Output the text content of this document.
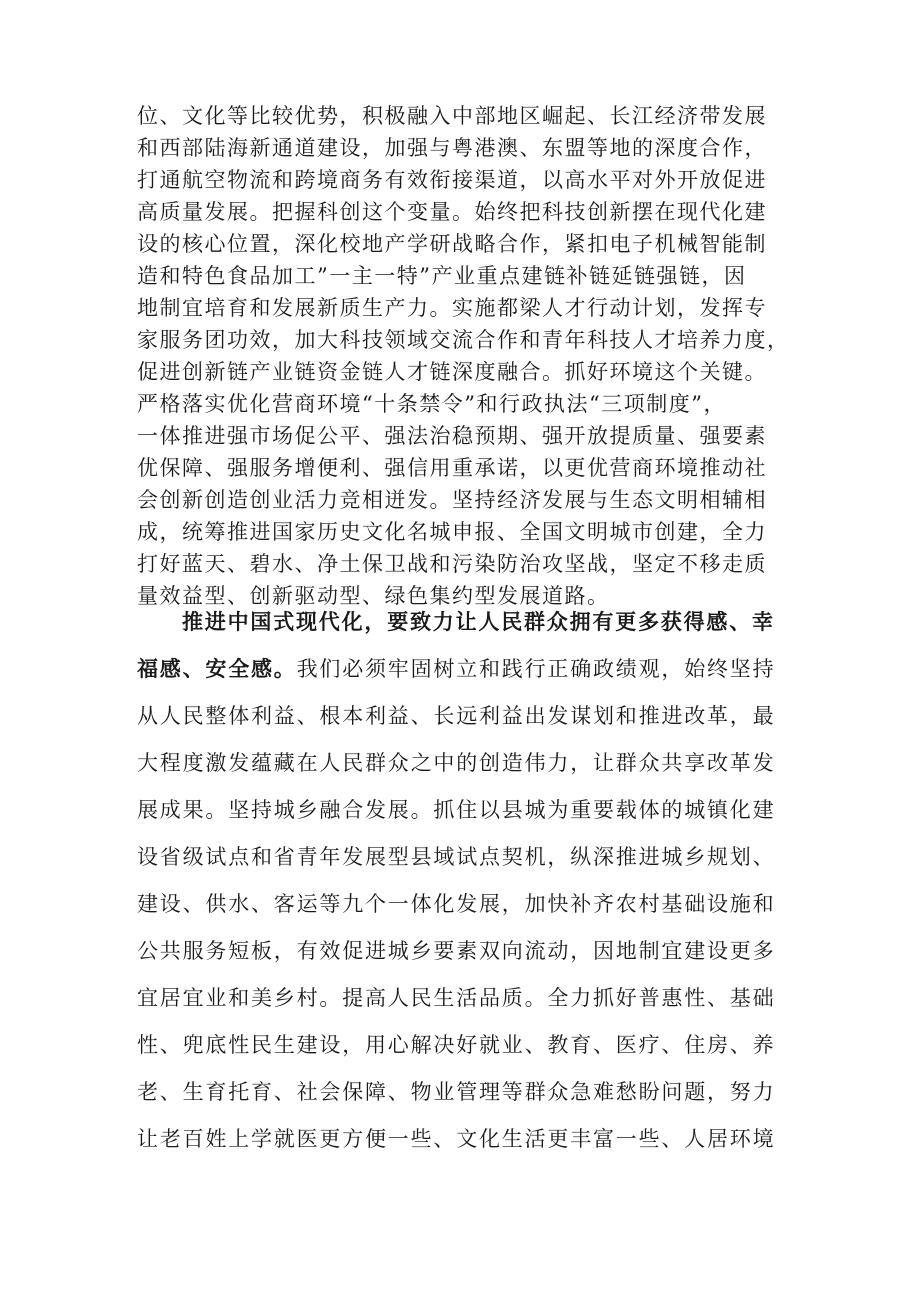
位、文化等比较优势，积极融入中部地区崛起、长江经济带发展
和西部陆海新通道建设，加强与粤港澳、东盟等地的深度合作，
打通航空物流和跨境商务有效衔接渠道，以高水平对外开放促进
高质量发展。把握科创这个变量。始终把科技创新摆在现代化建
设的核心位置，深化校地产学研战略合作，紧扣电子机械智能制
造和特色食品加工”一主一特”产业重点建链补链延链强链，因
地制宜培育和发展新质生产力。实施都梁人才行动计划，发挥专
家服务团功效，加大科技领域交流合作和青年科技人才培养力度，
促进创新链产业链资金链人才链深度融合。抓好环境这个关键。
严格落实优化营商环境“十条禁令”和行政执法“三项制度”，
一体推进强市场促公平、强法治稳预期、强开放提质量、强要素
优保障、强服务增便利、强信用重承诺，以更优营商环境推动社
会创新创造创业活力竞相迸发。坚持经济发展与生态文明相辅相
成，统筹推进国家历史文化名城申报、全国文明城市创建，全力
打好蓝天、碧水、净土保卫战和污染防治攻坚战，坚定不移走质
量效益型、创新驱动型、绿色集约型发展道路。
推进中国式现代化，要致力让人民群众拥有更多获得感、幸
福感、安全感。我们必须牢固树立和践行正确政绩观，始终坚持
从人民整体利益、根本利益、长远利益出发谋划和推进改革，最
大程度激发蕴藏在人民群众之中的创造伟力，让群众共享改革发
展成果。坚持城乡融合发展。抓住以县城为重要载体的城镇化建
设省级试点和省青年发展型县域试点契机，纵深推进城乡规划、
建设、供水、客运等九个一体化发展，加快补齐农村基础设施和
公共服务短板，有效促进城乡要素双向流动，因地制宜建设更多
宜居宜业和美乡村。提高人民生活品质。全力抓好普惠性、基础
性、兜底性民生建设，用心解决好就业、教育、医疗、住房、养
老、生育托育、社会保障、物业管理等群众急难愁盼问题，努力
让老百姓上学就医更方便一些、文化生活更丰富一些、人居环境
